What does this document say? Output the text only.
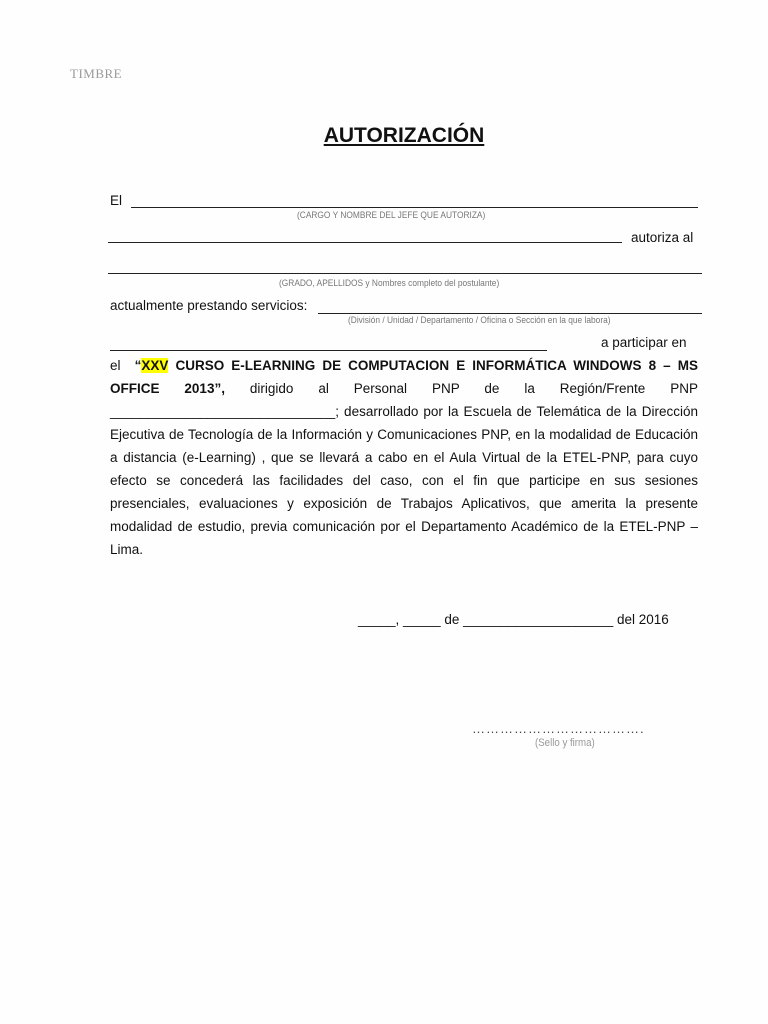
TIMBRE
AUTORIZACIÓN
El
(CARGO Y NOMBRE DEL JEFE QUE AUTORIZA)
autoriza al
(GRADO, APELLIDOS y Nombres completo del postulante)
actualmente prestando servicios:
(División / Unidad / Departamento / Oficina o Sección en la que labora)
a participar en
el “XXV CURSO E-LEARNING DE COMPUTACION E INFORMÁTICA WINDOWS 8 – MS OFFICE 2013”, dirigido al Personal PNP de la Región/Frente PNP ______________________________; desarrollado por la Escuela de Telemática de la Dirección Ejecutiva de Tecnología de la Información y Comunicaciones PNP, en la modalidad de Educación a distancia (e-Learning) , que se llevará a cabo en el Aula Virtual de la ETEL-PNP, para cuyo efecto se concederá las facilidades del caso, con el fin que participe en sus sesiones presenciales, evaluaciones y exposición de Trabajos Aplicativos, que amerita la presente modalidad de estudio, previa comunicación por el Departamento Académico de la ETEL-PNP – Lima.
_____, _____ de ____________________ del 2016
……………………………….
(Sello y firma)
